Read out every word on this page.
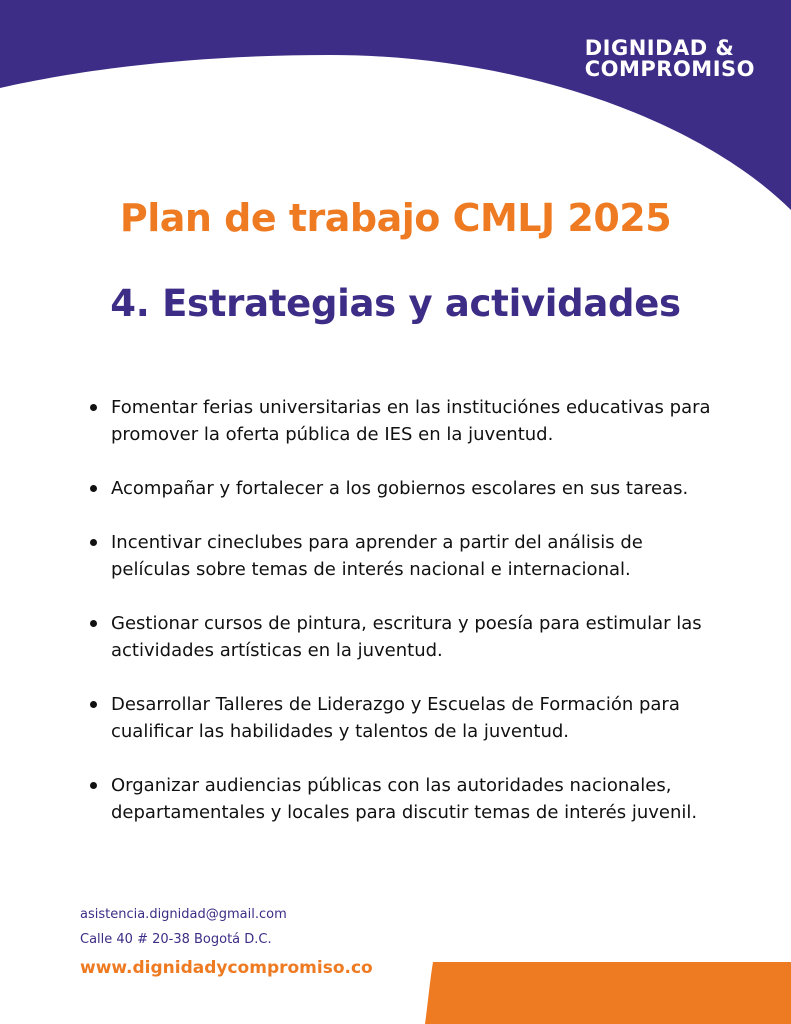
DIGNIDAD &
COMPROMISO
Plan de trabajo CMLJ 2025
4. Estrategias y actividades
Fomentar ferias universitarias en las instituciónes educativas para promover la oferta pública de IES en la juventud.
Acompañar y fortalecer a los gobiernos escolares en sus tareas.
Incentivar cineclubes para aprender a partir del análisis de películas sobre temas de interés nacional e internacional.
Gestionar cursos de pintura, escritura y poesía para estimular las actividades artísticas en la juventud.
Desarrollar Talleres de Liderazgo y Escuelas de Formación para cualificar las habilidades y talentos de la juventud.
Organizar audiencias públicas con las autoridades nacionales, departamentales y locales para discutir temas de interés juvenil.
asistencia.dignidad@gmail.com
Calle 40 # 20-38 Bogotá D.C.
www.dignidadycompromiso.co
